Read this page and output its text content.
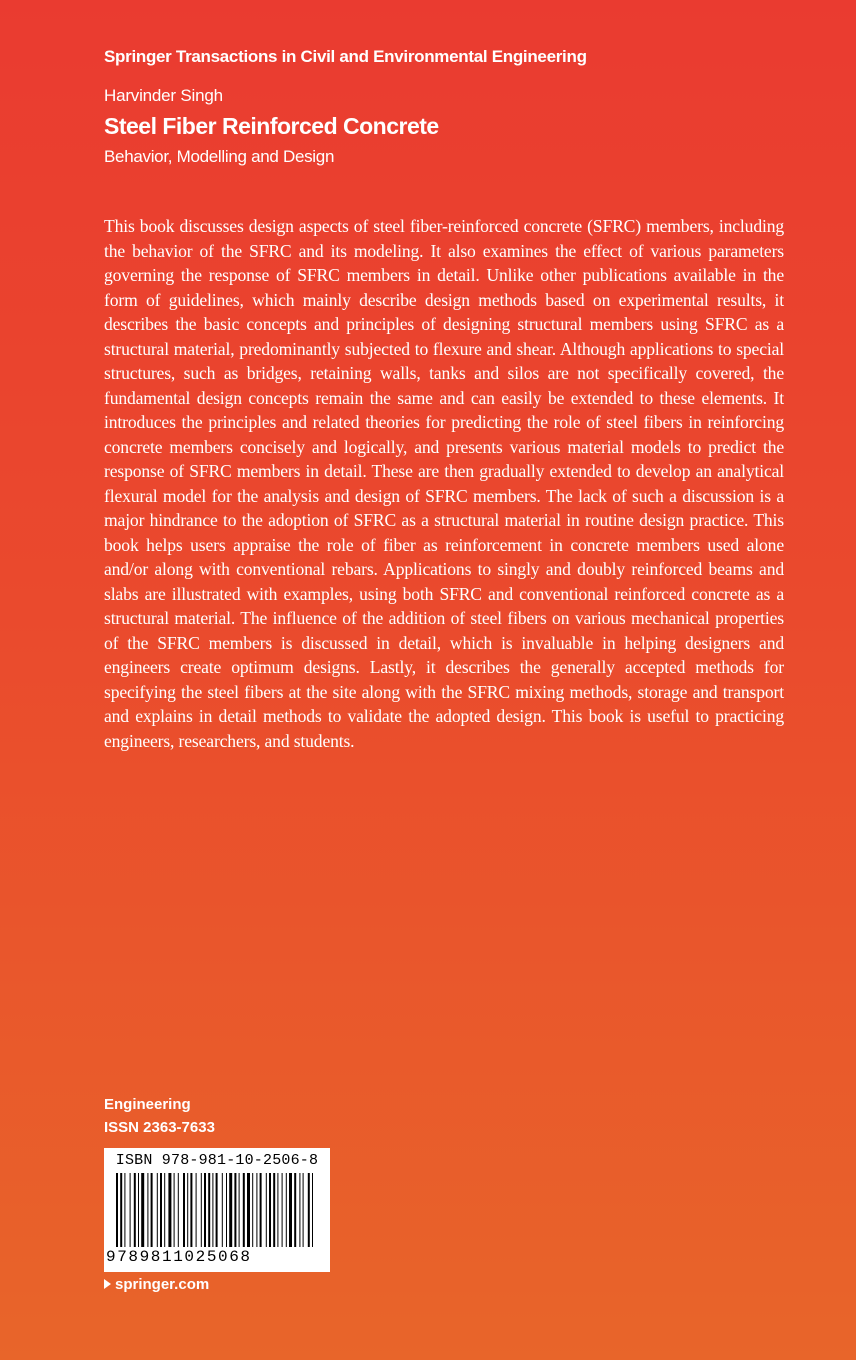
Springer Transactions in Civil and Environmental Engineering
Harvinder Singh
Steel Fiber Reinforced Concrete
Behavior, Modelling and Design

This book discusses design aspects of steel fiber-reinforced concrete (SFRC) members, including the behavior of the SFRC and its modeling. It also examines the effect of various parameters governing the response of SFRC members in detail. Unlike other publications available in the form of guidelines, which mainly describe design methods based on experimental results, it describes the basic concepts and principles of designing structural members using SFRC as a structural material, predominantly subjected to flexure and shear. Although applications to special structures, such as bridges, retaining walls, tanks and silos are not specifically covered, the fundamental design concepts remain the same and can easily be extended to these elements. It introduces the principles and related theories for predicting the role of steel fibers in reinforcing concrete members concisely and logically, and presents various material models to predict the response of SFRC members in detail. These are then gradually extended to develop an analytical flexural model for the analysis and design of SFRC members. The lack of such a discussion is a major hindrance to the adoption of SFRC as a structural material in routine design practice. This book helps users appraise the role of fiber as reinforcement in concrete members used alone and/or along with conventional rebars. Applications to singly and doubly reinforced beams and slabs are illustrated with examples, using both SFRC and conventional reinforced concrete as a structural material. The influence of the addition of steel fibers on various mechanical properties of the SFRC members is discussed in detail, which is invaluable in helping designers and engineers create optimum designs. Lastly, it describes the generally accepted methods for specifying the steel fibers at the site along with the SFRC mixing methods, storage and transport and explains in detail methods to validate the adopted design. This book is useful to practicing engineers, researchers, and students.

Engineering
ISSN 2363-7633
ISBN 978-981-10-2506-8
9789811025068
springer.com
